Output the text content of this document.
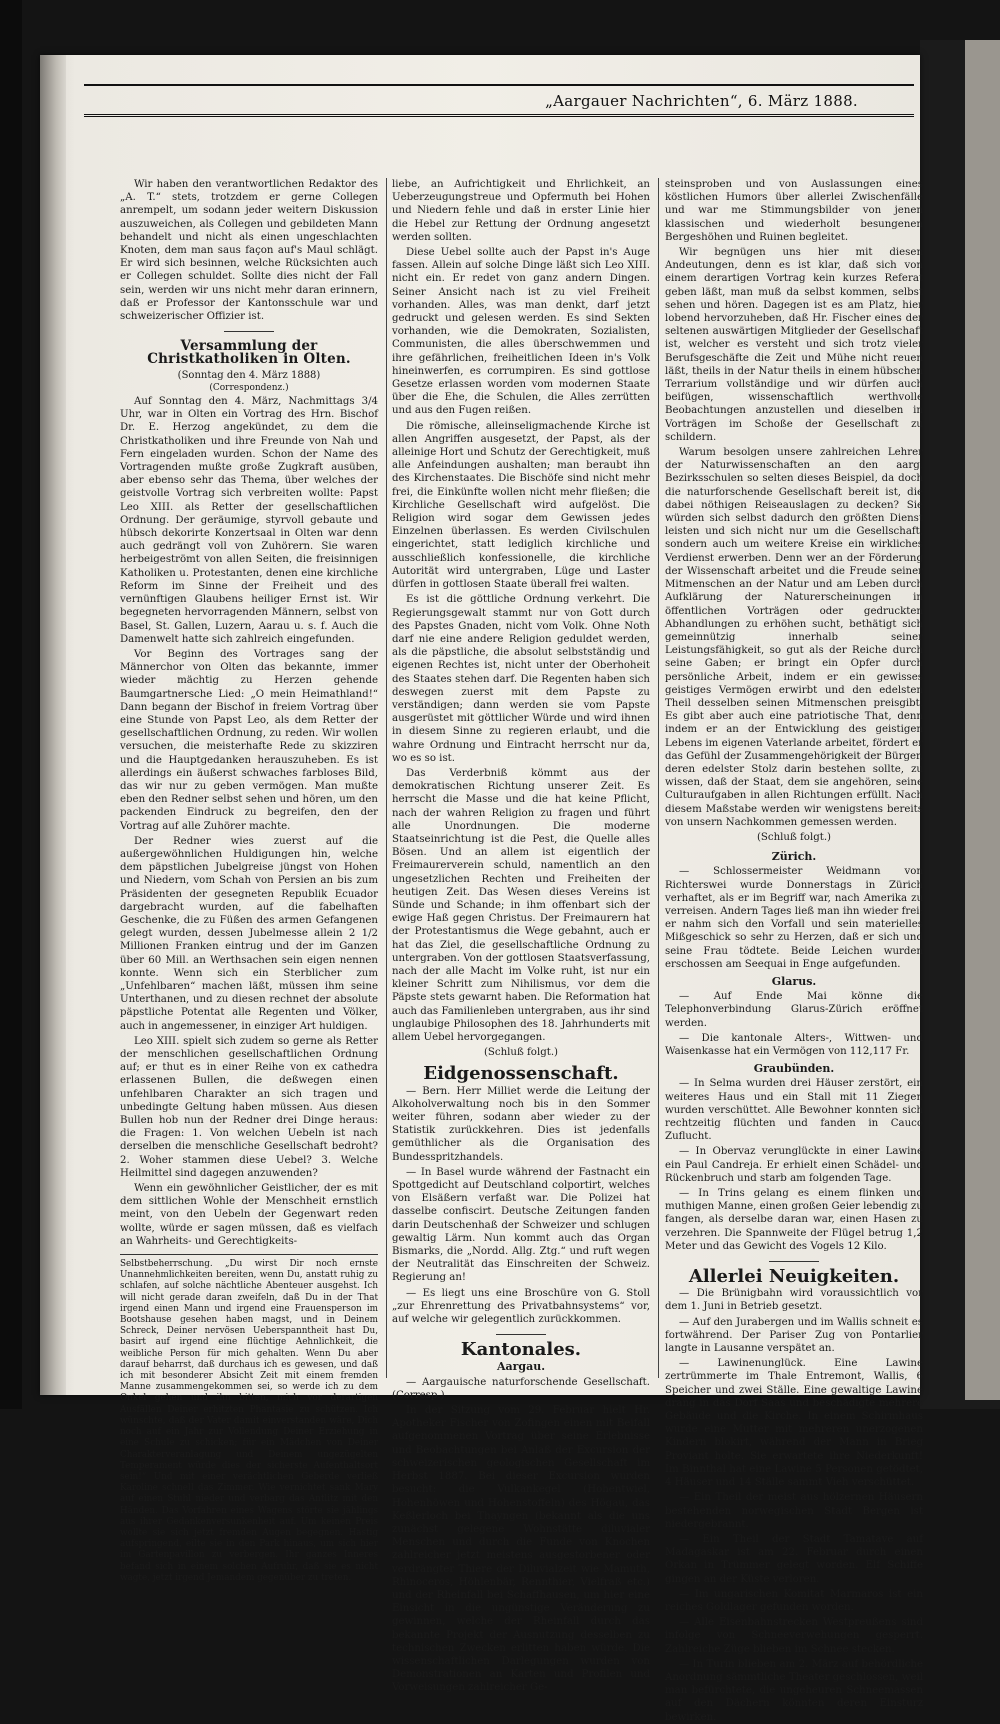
„Aargauer Nachrichten“, 6. März 1888.

Wir haben den verantwortlichen Redaktor des „A. T.“ stets, trotzdem er gerne Collegen anrempelt, um sodann jeder weitern Diskussion auszuweichen, als Collegen und gebildeten Mann behandelt und nicht als einen ungeschlachten Knoten, dem man saus façon auf's Maul schlägt. Er wird sich besinnen, welche Rücksichten auch er Collegen schuldet. Sollte dies nicht der Fall sein, werden wir uns nicht mehr daran erinnern, daß er Professor der Kantonsschule war und schweizerischer Offizier ist.

Versammlung der Christkatholiken in Olten.
(Sonntag den 4. März 1888)
(Correspondenz.)

Auf Sonntag den 4. März, Nachmittags 3/4 Uhr, war in Olten ein Vortrag des Hrn. Bischof Dr. E. Herzog angekündet, zu dem die Christkatholiken und ihre Freunde von Nah und Fern eingeladen wurden. Schon der Name des Vortragenden mußte große Zugkraft ausüben, aber ebenso sehr das Thema, über welches der geistvolle Vortrag sich verbreiten wollte: Papst Leo XIII. als Retter der gesellschaftlichen Ordnung. Der geräumige, styrvoll gebaute und hübsch dekorirte Konzertsaal in Olten war denn auch gedrängt voll von Zuhörern. Sie waren herbeigeströmt von allen Seiten, die freisinnigen Katholiken u. Protestanten, denen eine kirchliche Reform im Sinne der Freiheit und des vernünftigen Glaubens heiliger Ernst ist. Wir begegneten hervorragenden Männern, selbst von Basel, St. Gallen, Luzern, Aarau u. s. f. Auch die Damenwelt hatte sich zahlreich eingefunden.

Vor Beginn des Vortrages sang der Männerchor von Olten das bekannte, immer wieder mächtig zu Herzen gehende Baumgartnersche Lied: „O mein Heimathland!“ Dann begann der Bischof in freiem Vortrag über eine Stunde von Papst Leo, als dem Retter der gesellschaftlichen Ordnung, zu reden. Wir wollen versuchen, die meisterhafte Rede zu skizziren und die Hauptgedanken herauszuheben. Es ist allerdings ein äußerst schwaches farbloses Bild, das wir nur zu geben vermögen. Man mußte eben den Redner selbst sehen und hören, um den packenden Eindruck zu begreifen, den der Vortrag auf alle Zuhörer machte.

Der Redner wies zuerst auf die außergewöhnlichen Huldigungen hin, welche dem päpstlichen Jubelgreise jüngst von Hohen und Niedern, vom Schah von Persien an bis zum Präsidenten der gesegneten Republik Ecuador dargebracht wurden, auf die fabelhaften Geschenke, die zu Füßen des armen Gefangenen gelegt wurden, dessen Jubelmesse allein 2 1/2 Millionen Franken eintrug und der im Ganzen über 60 Mill. an Werthsachen sein eigen nennen konnte. Wenn sich ein Sterblicher zum „Unfehlbaren“ machen läßt, müssen ihm seine Unterthanen, und zu diesen rechnet der absolute päpstliche Potentat alle Regenten und Völker, auch in angemessener, in einziger Art huldigen.

Leo XIII. spielt sich zudem so gerne als Retter der menschlichen gesellschaftlichen Ordnung auf; er thut es in einer Reihe von ex cathedra erlassenen Bullen, die deßwegen einen unfehlbaren Charakter an sich tragen und unbedingte Geltung haben müssen. Aus diesen Bullen hob nun der Redner drei Dinge heraus: die Fragen: 1. Von welchen Uebeln ist nach derselben die menschliche Gesellschaft bedroht? 2. Woher stammen diese Uebel? 3. Welche Heilmittel sind dagegen anzuwenden?

Wenn ein gewöhnlicher Geistlicher, der es mit dem sittlichen Wohle der Menschheit ernstlich meint, von den Uebeln der Gegenwart reden wollte, würde er sagen müssen, daß es vielfach an Wahrheits- und Gerechtigkeits-

Selbstbeherrschung. „Du wirst Dir noch ernste Unannehmlichkeiten bereiten, wenn Du, anstatt ruhig zu schlafen, auf solche nächtliche Abenteuer ausgehst. Ich will nicht gerade daran zweifeln, daß Du in der That irgend einen Mann und irgend eine Frauensperson im Bootshause gesehen haben magst, und in Deinem Schreck, Deiner nervösen Ueberspanntheit hast Du, basirt auf irgend eine flüchtige Aehnlichkeit, die weibliche Person für mich gehalten. Wenn Du aber darauf beharrst, daß durchaus ich es gewesen, und daß ich mit besonderer Absicht Zeit mit einem fremden Manne zusammengekommen sei, so werde ich zu dem Onkel gehen und ihn bitten, mich vor derartigen Ausfällen Deiner erhitzten Phantasie zu schützen. Ich wünschte, daß der Vater damit einverstanden wäre, Dich noch auf ein Jahr zur Vollendung Deiner Erziehung in eine Schule zu schicken; für ein Mädchen von Deiner Charakterveranlagung und Deinem ungezügelten Temperament würde dies der sicherste Aufenthaltsort sein!“ Und mit einer verächtlichen Geberde verließ Karoline schnell das Zimmer. Wie vernichtet sank Mary auf einen Stuhl nieder und verbarg das Antlitz mit den Händen. Das Vorfahren eines Wagens störte sie jählings aus ihrer Gedankenversunkenheit auf. Um keinen Preis wollte sie sich jetzt fremden Augen begegnen. Hastig aufspringend, eilte sie in den Park hinaus, um sich hier im Gartenpavillon zu verbergen. Ihr ganzes Inneres befand sich in einem solchen Aufruhr, daß sie es nicht wagte, jetzt irgend Jemandem gegenüber zu treten.

liebe, an Aufrichtigkeit und Ehrlichkeit, an Ueberzeugungstreue und Opfermuth bei Hohen und Niedern fehle und daß in erster Linie hier die Hebel zur Rettung der Ordnung angesetzt werden sollten.

Diese Uebel sollte auch der Papst in's Auge fassen. Allein auf solche Dinge läßt sich Leo XIII. nicht ein. Er redet von ganz andern Dingen. Seiner Ansicht nach ist zu viel Freiheit vorhanden. Alles, was man denkt, darf jetzt gedruckt und gelesen werden. Es sind Sekten vorhanden, wie die Demokraten, Sozialisten, Communisten, die alles überschwemmen und ihre gefährlichen, freiheitlichen Ideen in's Volk hineinwerfen, es corrumpiren. Es sind gottlose Gesetze erlassen worden vom modernen Staate über die Ehe, die Schulen, die Alles zerrütten und aus den Fugen reißen.

Die römische, alleinseligmachende Kirche ist allen Angriffen ausgesetzt, der Papst, als der alleinige Hort und Schutz der Gerechtigkeit, muß alle Anfeindungen aushalten; man beraubt ihn des Kirchenstaates. Die Bischöfe sind nicht mehr frei, die Einkünfte wollen nicht mehr fließen; die Kirchliche Gesellschaft wird aufgelöst. Die Religion wird sogar dem Gewissen jedes Einzelnen überlassen. Es werden Civilschulen eingerichtet, statt lediglich kirchliche und ausschließlich konfessionelle, die kirchliche Autorität wird untergraben, Lüge und Laster dürfen in gottlosen Staate überall frei walten.

Es ist die göttliche Ordnung verkehrt. Die Regierungsgewalt stammt nur von Gott durch des Papstes Gnaden, nicht vom Volk. Ohne Noth darf nie eine andere Religion geduldet werden, als die päpstliche, die absolut selbstständig und eigenen Rechtes ist, nicht unter der Oberhoheit des Staates stehen darf. Die Regenten haben sich deswegen zuerst mit dem Papste zu verständigen; dann werden sie vom Papste ausgerüstet mit göttlicher Würde und wird ihnen in diesem Sinne zu regieren erlaubt, und die wahre Ordnung und Eintracht herrscht nur da, wo es so ist.

Das Verderbniß kömmt aus der demokratischen Richtung unserer Zeit. Es herrscht die Masse und die hat keine Pflicht, nach der wahren Religion zu fragen und führt alle Unordnungen. Die moderne Staatseinrichtung ist die Pest, die Quelle alles Bösen. Und an allem ist eigentlich der Freimaurerverein schuld, namentlich an den ungesetzlichen Rechten und Freiheiten der heutigen Zeit. Das Wesen dieses Vereins ist Sünde und Schande; in ihm offenbart sich der ewige Haß gegen Christus. Der Freimaurern hat der Protestantismus die Wege gebahnt, auch er hat das Ziel, die gesellschaftliche Ordnung zu untergraben. Von der gottlosen Staatsverfassung, nach der alle Macht im Volke ruht, ist nur ein kleiner Schritt zum Nihilismus, vor dem die Päpste stets gewarnt haben. Die Reformation hat auch das Familienleben untergraben, aus ihr sind unglaubige Philosophen des 18. Jahrhunderts mit allem Uebel hervorgegangen.

(Schluß folgt.)
Eidgenossenschaft.

— Bern. Herr Milliet werde die Leitung der Alkoholverwaltung noch bis in den Sommer weiter führen, sodann aber wieder zu der Statistik zurückkehren. Dies ist jedenfalls gemüthlicher als die Organisation des Bundesspritzhandels.

— In Basel wurde während der Fastnacht ein Spottgedicht auf Deutschland colportirt, welches von Elsäßern verfaßt war. Die Polizei hat dasselbe confiscirt. Deutsche Zeitungen fanden darin Deutschenhaß der Schweizer und schlugen gewaltig Lärm. Nun kommt auch das Organ Bismarks, die „Nordd. Allg. Ztg.“ und ruft wegen der Neutralität das Einschreiten der Schweiz. Regierung an!

— Es liegt uns eine Broschüre von G. Stoll „zur Ehrenrettung des Privatbahnsystems“ vor, auf welche wir gelegentlich zurückkommen.

Kantonales.
Aargau.

— Aargauische naturforschende Gesellschaft. (Corresp.)

In der Sitzung vom 29. Februar hielt Hr. Apotheker Fischer von Zofingen einen mit Beifall aufgenommenen Vortrag über seine Erlebnisse und Beobachtungen bei Anlaß der Excursion der schweizerischen geologischen Gesellschaft im Herbst 1887. Bei dieser Excursion wurden besucht: die Vulkankegel (Hohentwiel, Hohenhöwen und Hohenstoffeln) des Högau, das Keßlerloch bei Thayngen (bekannt als die uns zunächst gelegene Wohnstätte diluvialer Menschen und durch die Funde von Knochen zahlreicher jetzt meistens ausgestorbener oder verdrängter Thiere der Diluvialzeit wie Mamuth, Rhinoceros, Höhlenbär, Rennthier, Vielfraß etc.) und der Rheinfall bei Schaffhausen, um hier eine Einsicht in die ungünstige Veränderung zu gewinnen, welche der Rheinfall durch das bekannte Projekt der Ausnutzung desselben zu technischen Zwecken erlitten haben würde. Die wissenschaftlichen Darlegungen wurden von Demonstrationen an Karten und Profilen und Vorweisungen zahlreicher Ge-

steinsproben und von Auslassungen eines köstlichen Humors über allerlei Zwischenfälle und war me Stimmungsbilder von jenen klassischen und wiederholt besungenen Bergeshöhen und Ruinen begleitet.

Wir begnügen uns hier mit diesen Andeutungen, denn es ist klar, daß sich von einem derartigen Vortrag kein kurzes Referat geben läßt, man muß da selbst kommen, selbst sehen und hören. Dagegen ist es am Platz, hier lobend hervorzuheben, daß Hr. Fischer eines der seltenen auswärtigen Mitglieder der Gesellschaft ist, welcher es versteht und sich trotz vieler Berufsgeschäfte die Zeit und Mühe nicht reuen läßt, theils in der Natur theils in einem hübschen Terrarium vollständige und wir dürfen auch beifügen, wissenschaftlich werthvolle Beobachtungen anzustellen und dieselben in Vorträgen im Schoße der Gesellschaft zu schildern.

Warum besolgen unsere zahlreichen Lehrer der Naturwissenschaften an den aarg. Bezirksschulen so selten dieses Beispiel, da doch die naturforschende Gesellschaft bereit ist, die dabei nöthigen Reiseauslagen zu decken? Sie würden sich selbst dadurch den größten Dienst leisten und sich nicht nur um die Gesellschaft, sondern auch um weitere Kreise ein wirkliches Verdienst erwerben. Denn wer an der Förderung der Wissenschaft arbeitet und die Freude seiner Mitmenschen an der Natur und am Leben durch Aufklärung der Naturerscheinungen in öffentlichen Vorträgen oder gedruckten Abhandlungen zu erhöhen sucht, bethätigt sich gemeinnützig innerhalb seiner Leistungsfähigkeit, so gut als der Reiche durch seine Gaben; er bringt ein Opfer durch persönliche Arbeit, indem er ein gewisses geistiges Vermögen erwirbt und den edelsten Theil desselben seinen Mitmenschen preisgibt. Es gibt aber auch eine patriotische That, denn indem er an der Entwicklung des geistigen Lebens im eigenen Vaterlande arbeitet, fördert er das Gefühl der Zusammengehörigkeit der Bürger, deren edelster Stolz darin bestehen sollte, zu wissen, daß der Staat, dem sie angehören, seine Culturaufgaben in allen Richtungen erfüllt. Nach diesem Maßstabe werden wir wenigstens bereits von unsern Nachkommen gemessen werden.

(Schluß folgt.)
Zürich.

— Schlossermeister Weidmann von Richterswei wurde Donnerstags in Zürich verhaftet, als er im Begriff war, nach Amerika zu verreisen. Andern Tages ließ man ihn wieder frei; er nahm sich den Vorfall und sein materielles Mißgeschick so sehr zu Herzen, daß er sich und seine Frau tödtete. Beide Leichen wurden erschossen am Seequai in Enge aufgefunden.

Glarus.

— Auf Ende Mai könne die Telephonverbindung Glarus-Zürich eröffnet werden.

— Die kantonale Alters-, Wittwen- und Waisenkasse hat ein Vermögen von 112,117 Fr.

Graubünden.

— In Selma wurden drei Häuser zerstört, ein weiteres Haus und ein Stall mit 11 Ziegen wurden verschüttet. Alle Bewohner konnten sich rechtzeitig flüchten und fanden in Cauco Zuflucht.

— In Obervaz verunglückte in einer Lawine ein Paul Candreja. Er erhielt einen Schädel- und Rückenbruch und starb am folgenden Tage.

— In Trins gelang es einem flinken und muthigen Manne, einen großen Geier lebendig zu fangen, als derselbe daran war, einen Hasen zu verzehren. Die Spannweite der Flügel betrug 1,2 Meter und das Gewicht des Vogels 12 Kilo.

Allerlei Neuigkeiten.

— Die Brünigbahn wird voraussichtlich vor dem 1. Juni in Betrieb gesetzt.

— Auf den Jurabergen und im Wallis schneit es fortwährend. Der Pariser Zug von Pontarlier langte in Lausanne verspätet an.

— Lawinenunglück. Eine Lawine zertrümmerte im Thale Entremont, Wallis, 6 Speicher und zwei Ställe. Eine gewaltige Lawine drang in das Dorf Saas und beschädigte mehrere Gebäude und die Kirche. In einem Schirmhaus wurde eine Mutter mit mehreren unerzogenen Kindern blokirt, während der Mann in Brieg Proviant holte. Sie erwartete ihre Niederkunft! Im Binnthal hat eine Lawine 5 Personen getödtet, 4 Häuser und 14 Ställe sammt Vieh verschüttet.

— Ein Theil der meist aus hölzernen Häusern bestehenden norwegischen Stadt Bergen ist niedergebrannt.

— Ein Theil der Stadt Tamatave auf Madagaskar ist am 22. Februar durch einen Orkan in Trümmer gelegt worden. Elf Schiffe gingen an der Küste verloren.

— Im ungarischen Komitat Marmaros ist ein reiches Goldlager gefunden worden.

— Alle Eisenbahnstrecken Westpreußens sind infolge von Schneeverwehungen gesperrt. Zahlreiche Züge blieben im Schnee stecken.

— In Turin blieben am 2. März auf behördliche Anordnung sämmtliche Theater geschlossen, weil man befürchtete, die ungeheuren Schneemassen auf den Dächern könnten deren Einsturz bewirken.
